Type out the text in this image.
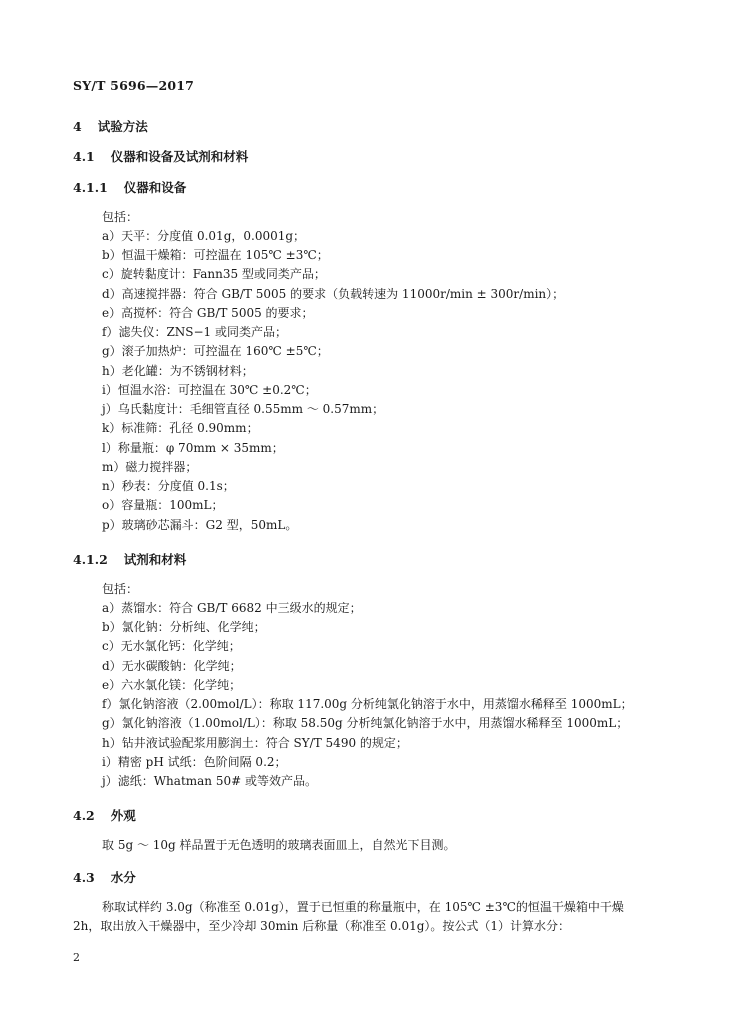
SY/T 5696—2017
4 试验方法
4.1 仪器和设备及试剂和材料
4.1.1 仪器和设备
包括：
a）天平：分度值 0.01g，0.0001g；
b）恒温干燥箱：可控温在 105℃ ±3℃；
c）旋转黏度计：Fann35 型或同类产品；
d）高速搅拌器：符合 GB/T 5005 的要求（负载转速为 11000r/min ± 300r/min）；
e）高搅杯：符合 GB/T 5005 的要求；
f）滤失仪：ZNS−1 或同类产品；
g）滚子加热炉：可控温在 160℃ ±5℃；
h）老化罐：为不锈钢材料；
i）恒温水浴：可控温在 30℃ ±0.2℃；
j）乌氏黏度计：毛细管直径 0.55mm ～ 0.57mm；
k）标准筛：孔径 0.90mm；
l）称量瓶：φ 70mm × 35mm；
m）磁力搅拌器；
n）秒表：分度值 0.1s；
o）容量瓶：100mL；
p）玻璃砂芯漏斗：G2 型，50mL。
4.1.2 试剂和材料
包括：
a）蒸馏水：符合 GB/T 6682 中三级水的规定；
b）氯化钠：分析纯、化学纯；
c）无水氯化钙：化学纯；
d）无水碳酸钠：化学纯；
e）六水氯化镁：化学纯；
f）氯化钠溶液（2.00mol/L）：称取 117.00g 分析纯氯化钠溶于水中，用蒸馏水稀释至 1000mL；
g）氯化钠溶液（1.00mol/L）：称取 58.50g 分析纯氯化钠溶于水中，用蒸馏水稀释至 1000mL；
h）钻井液试验配浆用膨润土：符合 SY/T 5490 的规定；
i）精密 pH 试纸：色阶间隔 0.2；
j）滤纸：Whatman 50# 或等效产品。
4.2 外观
取 5g ～ 10g 样品置于无色透明的玻璃表面皿上，自然光下目测。
4.3 水分
称取试样约 3.0g（称准至 0.01g），置于已恒重的称量瓶中，在 105℃ ±3℃的恒温干燥箱中干燥
2h，取出放入干燥器中，至少冷却 30min 后称量（称准至 0.01g）。按公式（1）计算水分：
2
